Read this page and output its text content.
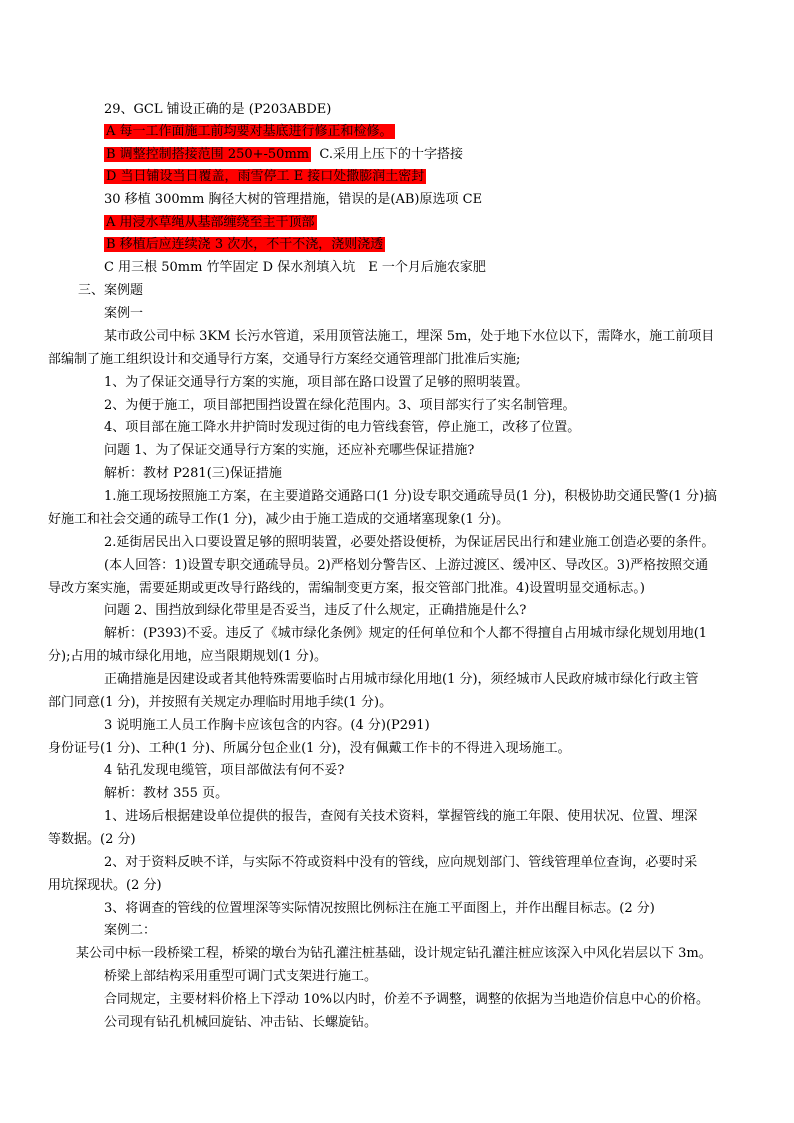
29、GCL 铺设正确的是 (P203ABDE)
A 每一工作面施工前均要对基底进行修正和检修。
B 调整控制搭接范围 250+-50mm C.采用上压下的十字搭接
D 当日铺设当日覆盖，雨雪停工 E 接口处撒膨润土密封
30 移植 300mm 胸径大树的管理措施，错误的是(AB)原选项 CE
A 用浸水草绳从基部缠绕至主干顶部
B 移植后应连续浇 3 次水，不干不浇，浇则浇透
C 用三根 50mm 竹竿固定 D 保水剂填入坑　E 一个月后施农家肥
三、案例题
案例一
某市政公司中标 3KM 长污水管道，采用顶管法施工，埋深 5m，处于地下水位以下，需降水，施工前项目
部编制了施工组织设计和交通导行方案，交通导行方案经交通管理部门批准后实施;
1、为了保证交通导行方案的实施，项目部在路口设置了足够的照明装置。
2、为便于施工，项目部把围挡设置在绿化范围内。3、项目部实行了实名制管理。
4、项目部在施工降水井护筒时发现过街的电力管线套管，停止施工，改移了位置。
问题 1、为了保证交通导行方案的实施，还应补充哪些保证措施?
解析：教材 P281(三)保证措施
1.施工现场按照施工方案，在主要道路交通路口(1 分)设专职交通疏导员(1 分)，积极协助交通民警(1 分)搞
好施工和社会交通的疏导工作(1 分)，减少由于施工造成的交通堵塞现象(1 分)。
2.延街居民出入口要设置足够的照明装置，必要处搭设便桥，为保证居民出行和建业施工创造必要的条件。
(本人回答：1)设置专职交通疏导员。2)严格划分警告区、上游过渡区、缓冲区、导改区。3)严格按照交通
导改方案实施，需要延期或更改导行路线的，需编制变更方案，报交管部门批准。4)设置明显交通标志。)
问题 2、围挡放到绿化带里是否妥当，违反了什么规定，正确措施是什么?
解析：(P393)不妥。违反了《城市绿化条例》规定的任何单位和个人都不得擅自占用城市绿化规划用地(1
分);占用的城市绿化用地，应当限期规划(1 分)。
正确措施是因建设或者其他特殊需要临时占用城市绿化用地(1 分)，须经城市人民政府城市绿化行政主管
部门同意(1 分)，并按照有关规定办理临时用地手续(1 分)。
3 说明施工人员工作胸卡应该包含的内容。(4 分)(P291)
身份证号(1 分)、工种(1 分)、所属分包企业(1 分)，没有佩戴工作卡的不得进入现场施工。
4 钻孔发现电缆管，项目部做法有何不妥?
解析：教材 355 页。
1、进场后根据建设单位提供的报告，查阅有关技术资料，掌握管线的施工年限、使用状况、位置、埋深
等数据。(2 分)
2、对于资料反映不详，与实际不符或资料中没有的管线，应向规划部门、管线管理单位查询，必要时采
用坑探现状。(2 分)
3、将调查的管线的位置埋深等实际情况按照比例标注在施工平面图上，并作出醒目标志。(2 分)
案例二：
某公司中标一段桥梁工程，桥梁的墩台为钻孔灌注桩基础，设计规定钻孔灌注桩应该深入中风化岩层以下 3m。
桥梁上部结构采用重型可调门式支架进行施工。
合同规定，主要材料价格上下浮动 10%以内时，价差不予调整，调整的依据为当地造价信息中心的价格。
公司现有钻孔机械回旋钻、冲击钻、长螺旋钻。
